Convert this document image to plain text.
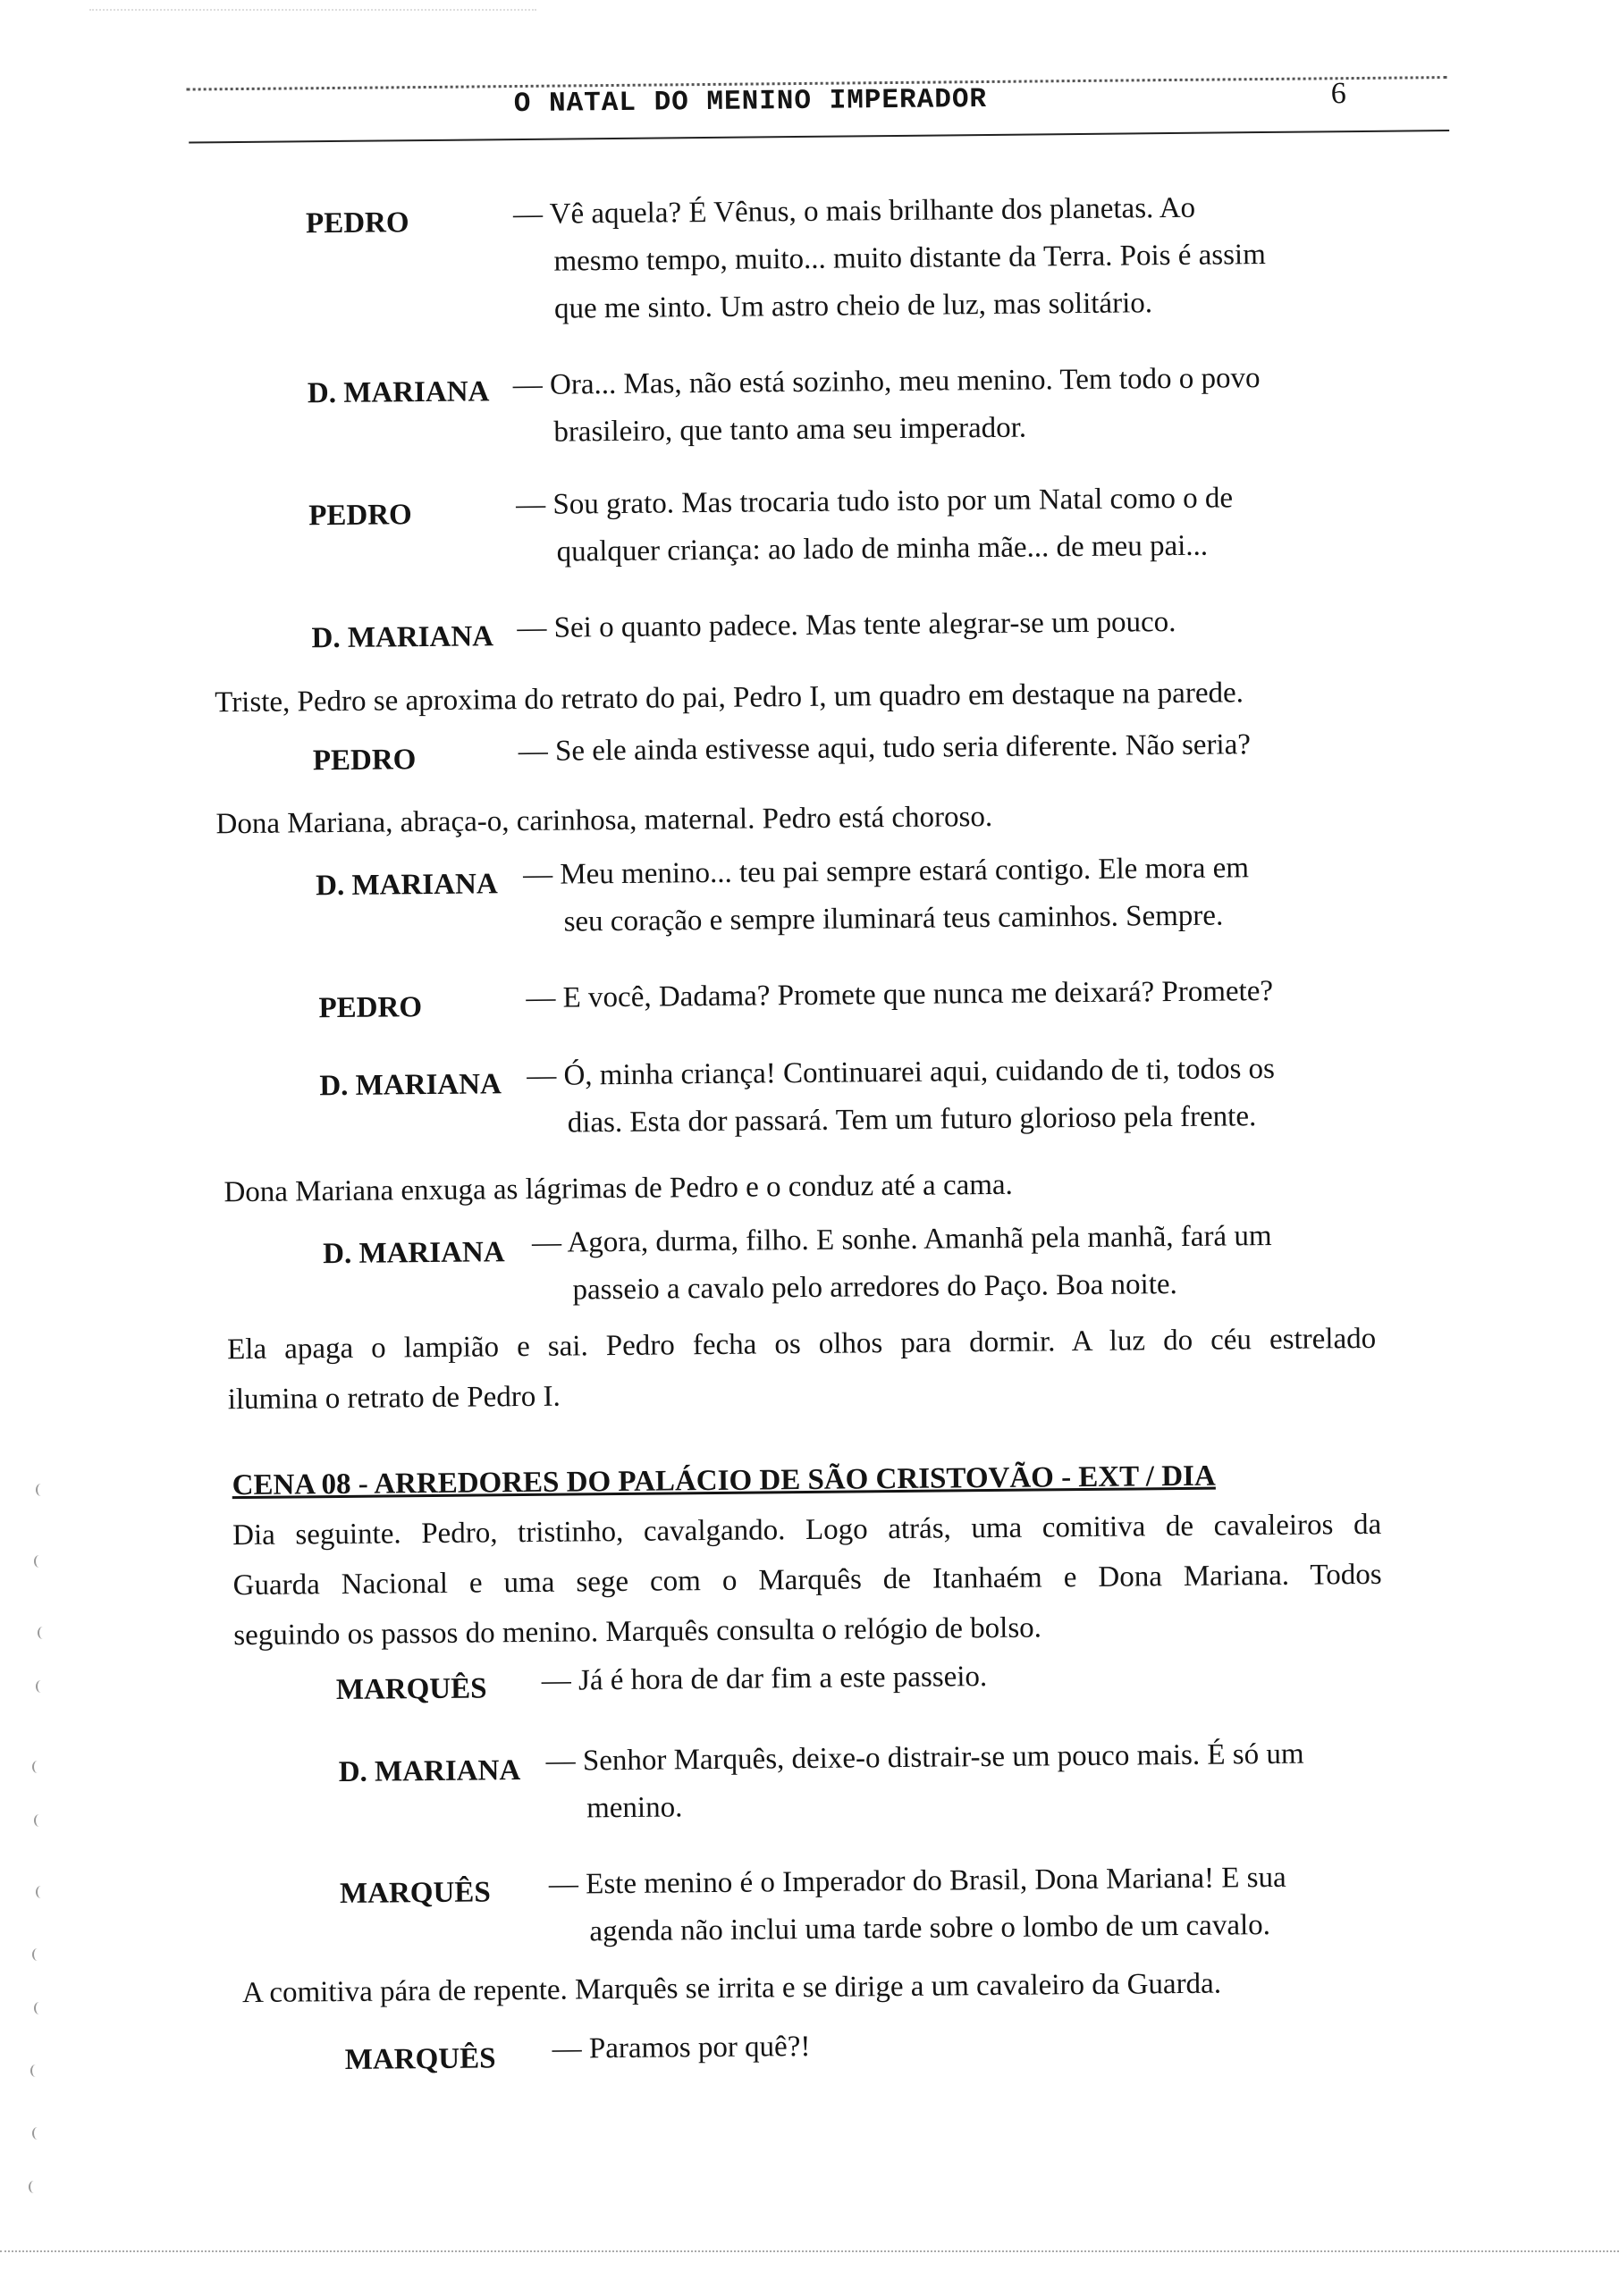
O NATAL DO MENINO IMPERADOR	6
PEDRO	— Vê aquela? É Vênus, o mais brilhante dos planetas. Ao
mesmo tempo, muito... muito distante da Terra. Pois é assim
que me sinto. Um astro cheio de luz, mas solitário.
D. MARIANA — Ora... Mas, não está sozinho, meu menino. Tem todo o povo
brasileiro, que tanto ama seu imperador.
PEDRO	— Sou grato. Mas trocaria tudo isto por um Natal como o de
qualquer criança: ao lado de minha mãe... de meu pai...
D. MARIANA — Sei o quanto padece. Mas tente alegrar-se um pouco.
Triste, Pedro se aproxima do retrato do pai, Pedro I, um quadro em destaque na parede.
PEDRO	— Se ele ainda estivesse aqui, tudo seria diferente. Não seria?
Dona Mariana, abraça-o, carinhosa, maternal. Pedro está choroso.
D. MARIANA — Meu menino... teu pai sempre estará contigo. Ele mora em
seu coração e sempre iluminará teus caminhos. Sempre.
PEDRO	— E você, Dadama? Promete que nunca me deixará? Promete?
D. MARIANA — Ó, minha criança! Continuarei aqui, cuidando de ti, todos os
dias. Esta dor passará. Tem um futuro glorioso pela frente.
Dona Mariana enxuga as lágrimas de Pedro e o conduz até a cama.
D. MARIANA — Agora, durma, filho. E sonhe. Amanhã pela manhã, fará um
passeio a cavalo pelo arredores do Paço. Boa noite.
Ela apaga o lampião e sai. Pedro fecha os olhos para dormir. A luz do céu estrelado
ilumina o retrato de Pedro I.
CENA 08 - ARREDORES DO PALÁCIO DE SÃO CRISTOVÃO - EXT / DIA
Dia seguinte. Pedro, tristinho, cavalgando. Logo atrás, uma comitiva de cavaleiros da
Guarda Nacional e uma sege com o Marquês de Itanhaém e Dona Mariana. Todos
seguindo os passos do menino. Marquês consulta o relógio de bolso.
MARQUÊS — Já é hora de dar fim a este passeio.
D. MARIANA — Senhor Marquês, deixe-o distrair-se um pouco mais. É só um
menino.
MARQUÊS — Este menino é o Imperador do Brasil, Dona Mariana! E sua
agenda não inclui uma tarde sobre o lombo de um cavalo.
A comitiva pára de repente. Marquês se irrita e se dirige a um cavaleiro da Guarda.
MARQUÊS — Paramos por quê?!
